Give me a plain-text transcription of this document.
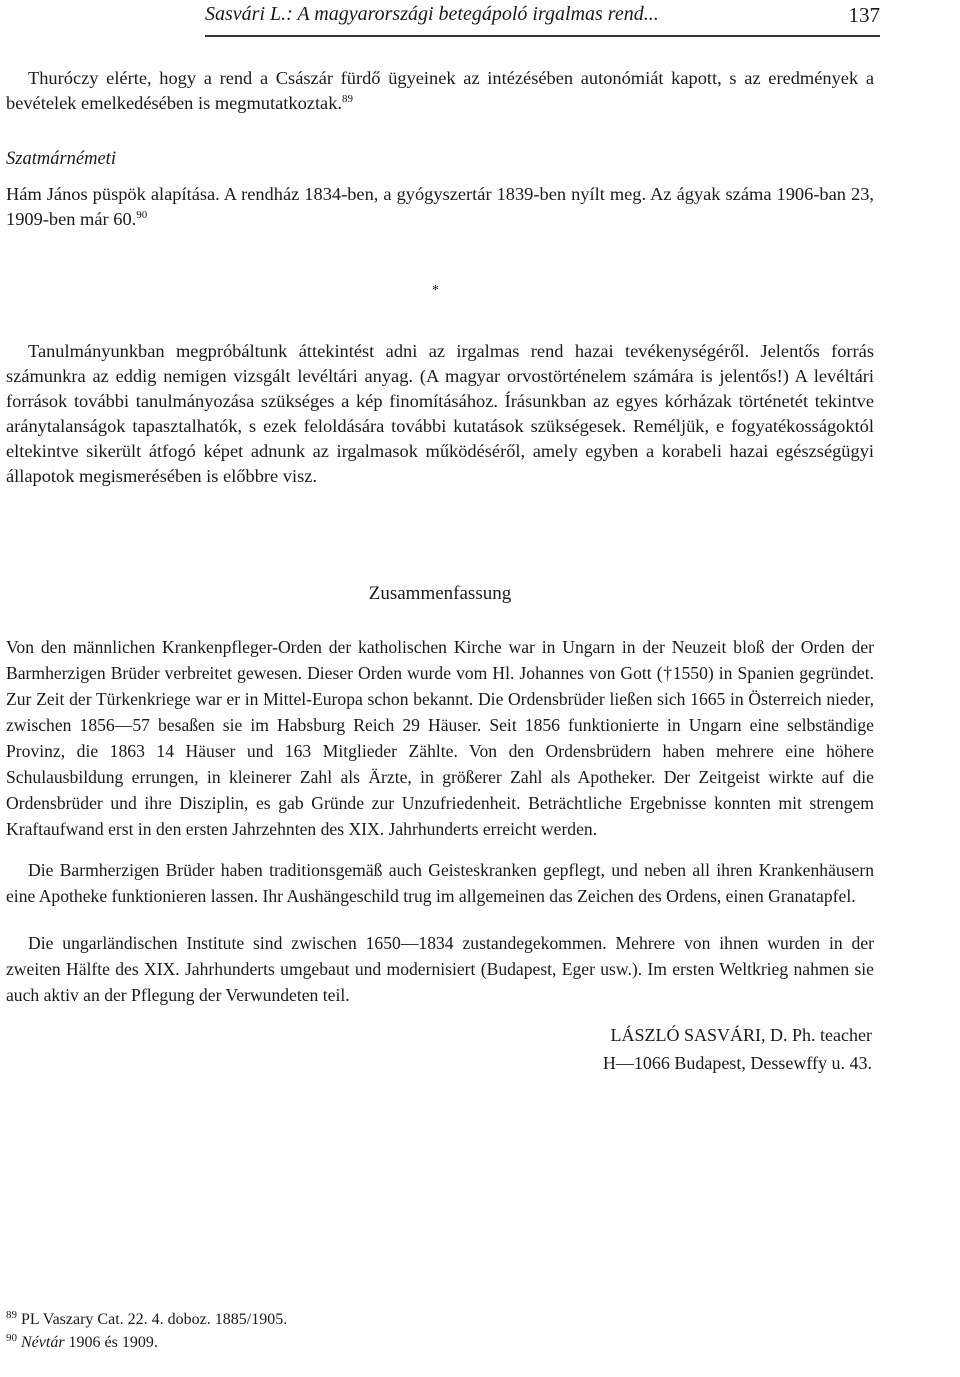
Sasvári L.: A magyarországi betegápoló irgalmas rend...	137

Thuróczy elérte, hogy a rend a Császár fürdő ügyeinek az intézésében autonómiát kapott, s az eredmények a bevételek emelkedésében is megmutatkoztak.$^{89}$

Szatmárnémeti

Hám János püspök alapítása. A rendház 1834-ben, a gyógyszertár 1839-ben nyílt meg. Az ágyak száma 1906-ban 23, 1909-ben már 60.90

*

Tanulmányunkban megpróbáltunk áttekintést adni az irgalmas rend hazai tevékenységéről. Jelentős forrás számunkra az eddig nemigen vizsgált levéltári anyag. (A magyar orvostörténelem számára is jelentős!) A levéltári források további tanulmányozása szükséges a kép finomításához. Írásunkban az egyes kórházak történetét tekintve aránytalanságok tapasztalhatók, s ezek feloldására további kutatások szükségesek. Reméljük, e fogyatékosságoktól eltekintve sikerült átfogó képet adnunk az irgalmasok működéséről, amely egyben a korabeli hazai egészségügyi állapotok megismerésében is előbbre visz.

Zusammenfassung

Von den männlichen Krankenpfleger-Orden der katholischen Kirche war in Ungarn in der Neuzeit bloß der Orden der Barmherzigen Brüder verbreitet gewesen. Dieser Orden wurde vom Hl. Johannes von Gott (†1550) in Spanien gegründet. Zur Zeit der Türkenkriege war er in Mittel-Europa schon bekannt. Die Ordensbrüder ließen sich 1665 in Österreich nieder, zwischen 1856—57 besaßen sie im Habsburg Reich 29 Häuser. Seit 1856 funktionierte in Ungarn eine selbständige Provinz, die 1863 14 Häuser und 163 Mitglieder Zählte. Von den Ordensbrüdern haben mehrere eine höhere Schulausbildung errungen, in kleinerer Zahl als Ärzte, in größerer Zahl als Apotheker. Der Zeitgeist wirkte auf die Ordensbrüder und ihre Disziplin, es gab Gründe zur Unzufriedenheit. Beträchtliche Ergebnisse konnten mit strengem Kraftaufwand erst in den ersten Jahrzehnten des XIX. Jahrhunderts erreicht werden.

Die Barmherzigen Brüder haben traditionsgemäß auch Geisteskranken gepflegt, und neben all ihren Krankenhäusern eine Apotheke funktionieren lassen. Ihr Aushängeschild trug im allgemeinen das Zeichen des Ordens, einen Granatapfel.

Die ungarländischen Institute sind zwischen 1650—1834 zustandegekommen. Mehrere von ihnen wurden in der zweiten Hälfte des XIX. Jahrhunderts umgebaut und modernisiert (Budapest, Eger usw.). Im ersten Weltkrieg nahmen sie auch aktiv an der Pflegung der Verwundeten teil.

LÁSZLÓ SASVÁRI, D. Ph. teacher
H—1066 Budapest, Dessewffy u. 43.
$^{89}$ PL Vaszary Cat. 22. 4. doboz. 1885/1905.
$^{90}$ Névtár 1906 és 1909.
